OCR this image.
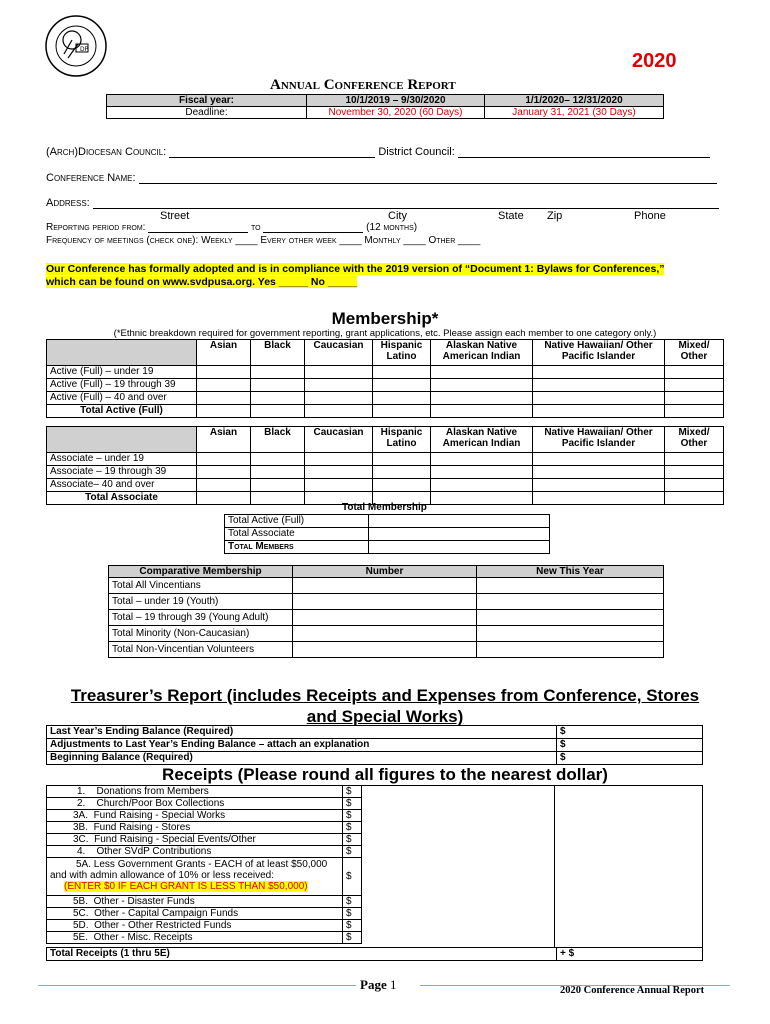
DP
2020
Annual Conference Report
Fiscal year:	10/1/2019 – 9/30/2020	1/1/2020– 12/31/2020
Deadline:	November 30, 2020 (60 Days)	January 31, 2021 (30 Days)
(Arch)Diocesan Council:	District Council:
Conference Name:
Address:
Street	City	State Zip	Phone
Reporting period from:	to	(12 months)
Frequency of meetings (check one): Weekly ____ Every other week ____ Monthly ____ Other ____
Our Conference has formally adopted and is in compliance with the 2019 version of “Document 1: Bylaws for Conferences,”
which can be found on www.svdpusa.org. Yes _____ No _____
Membership*
(*Ethnic breakdown required for government reporting, grant applications, etc. Please assign each member to one category only.)
	Asian	Black	Caucasian	Hispanic Latino	Alaskan Native American Indian	Native Hawaiian/ Other Pacific Islander	Mixed/ Other
Active (Full) – under 19							
Active (Full) – 19 through 39							
Active (Full) – 40 and over							
Total Active (Full)							
	Asian	Black	Caucasian	Hispanic Latino	Alaskan Native American Indian	Native Hawaiian/ Other Pacific Islander	Mixed/ Other
Associate – under 19							
Associate – 19 through 39							
Associate– 40 and over							
Total Associate							
Total Membership
Total Active (Full)	
Total Associate	
Total Members	
Comparative Membership	Number	New This Year
Total All Vincentians		
Total – under 19 (Youth)		
Total – 19 through 39 (Young Adult)		
Total Minority (Non-Caucasian)		
Total Non-Vincentian Volunteers		
Treasurer’s Report (includes Receipts and Expenses from Conference, Stores
and Special Works)
Last Year’s Ending Balance (Required)	$
Adjustments to Last Year’s Ending Balance – attach an explanation	$
Beginning Balance (Required)	$
Receipts (Please round all figures to the nearest dollar)
1. Donations from Members	$
2. Church/Poor Box Collections	$
3A. Fund Raising - Special Works	$
3B. Fund Raising - Stores	$
3C. Fund Raising - Special Events/Other	$
4. Other SVdP Contributions	$

5A. Less Government Grants - EACH of at least $50,000
and with admin allowance of 10% or less received:
(ENTER $0 IF EACH GRANT IS LESS THAN $50,000)	$
5B. Other - Disaster Funds	$
5C. Other - Capital Campaign Funds	$
5D. Other - Other Restricted Funds	$
5E. Other - Misc. Receipts	$
Total Receipts (1 thru 5E)	+ $
Page 1	2020 Conference Annual Report
